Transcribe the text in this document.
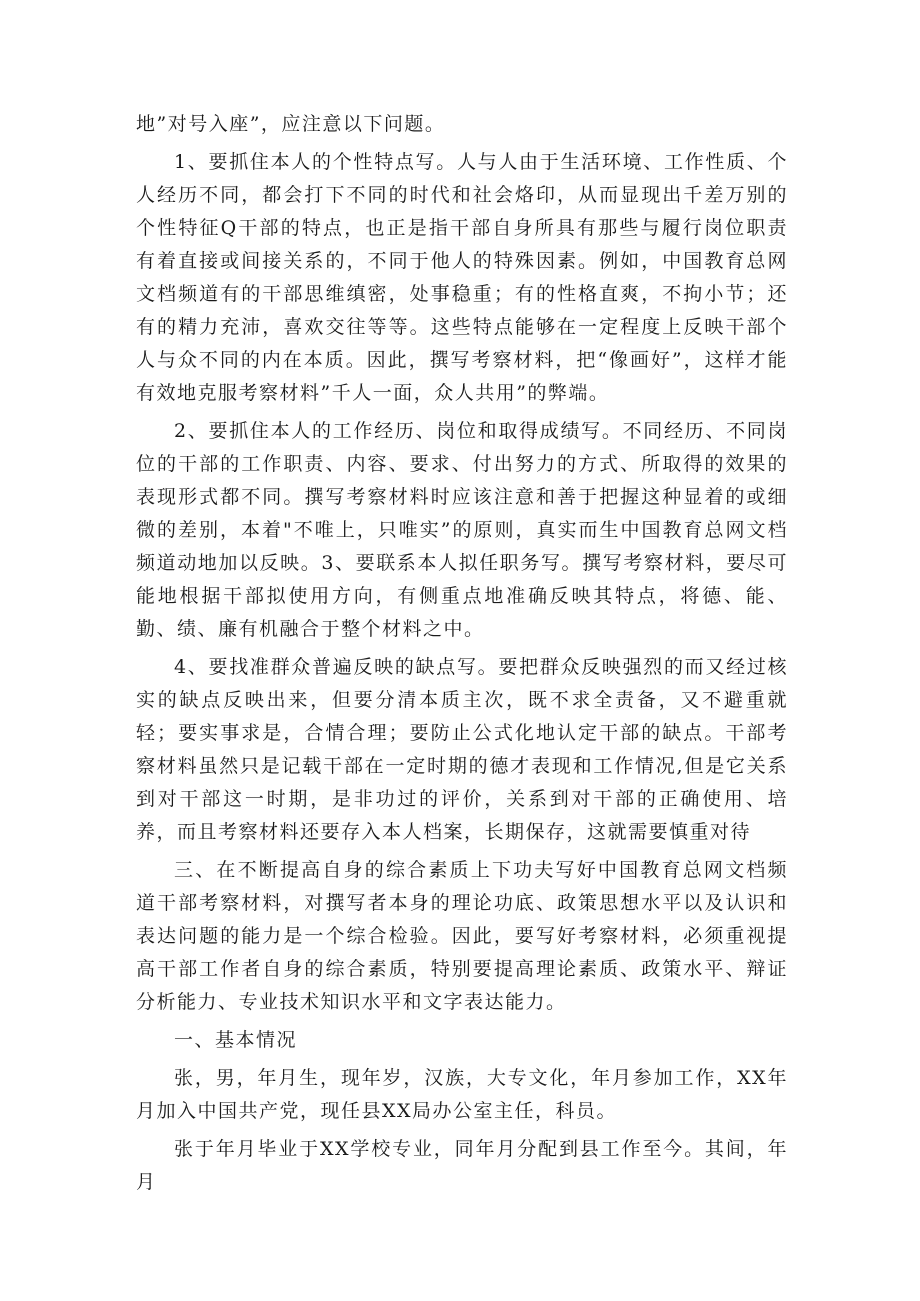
地”对号入座”，应注意以下问题。

1、要抓住本人的个性特点写。人与人由于生活环境、工作性质、个人经历不同，都会打下不同的时代和社会烙印，从而显现出千差万别的个性特征Q干部的特点，也正是指干部自身所具有那些与履行岗位职责有着直接或间接关系的，不同于他人的特殊因素。例如，中国教育总网文档频道有的干部思维缜密，处事稳重；有的性格直爽，不拘小节；还有的精力充沛，喜欢交往等等。这些特点能够在一定程度上反映干部个人与众不同的内在本质。因此，撰写考察材料，把“像画好”，这样才能有效地克服考察材料”千人一面，众人共用”的弊端。

2、要抓住本人的工作经历、岗位和取得成绩写。不同经历、不同岗位的干部的工作职责、内容、要求、付出努力的方式、所取得的效果的表现形式都不同。撰写考察材料时应该注意和善于把握这种显着的或细微的差别，本着"不唯上，只唯实”的原则，真实而生中国教育总网文档频道动地加以反映。3、要联系本人拟任职务写。撰写考察材料，要尽可能地根据干部拟使用方向，有侧重点地准确反映其特点，将德、能、勤、绩、廉有机融合于整个材料之中。

4、要找准群众普遍反映的缺点写。要把群众反映强烈的而又经过核实的缺点反映出来，但要分清本质主次，既不求全责备，又不避重就轻；要实事求是，合情合理；要防止公式化地认定干部的缺点。干部考察材料虽然只是记载干部在一定时期的德才表现和工作情况,但是它关系到对干部这一时期，是非功过的评价，关系到对干部的正确使用、培养，而且考察材料还要存入本人档案，长期保存，这就需要慎重对待

三、在不断提高自身的综合素质上下功夫写好中国教育总网文档频道干部考察材料，对撰写者本身的理论功底、政策思想水平以及认识和表达问题的能力是一个综合检验。因此，要写好考察材料，必须重视提高干部工作者自身的综合素质，特别要提高理论素质、政策水平、辩证分析能力、专业技术知识水平和文字表达能力。

一、基本情况

张，男，年月生，现年岁，汉族，大专文化，年月参加工作，XX年月加入中国共产党，现任县XX局办公室主任，科员。

张于年月毕业于XX学校专业，同年月分配到县工作至今。其间，年月
